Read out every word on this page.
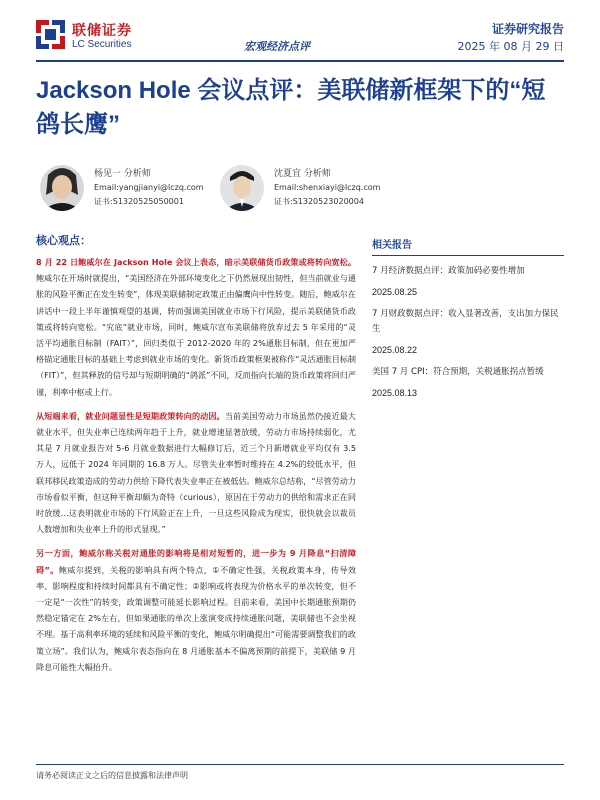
联储证券
LC Securities	宏观经济点评
证券研究报告
2025 年 08 月 29 日
Jackson Hole 会议点评：美联储新框架下的“短鸽长鹰”
杨见一 分析师
Email:yangjianyi@lczq.com
证书:S1320525050001
沈夏宜 分析师
Email:shenxiayi@lczq.com
证书:S1320523020004
核心观点：

8 月 22 日鲍威尔在 Jackson Hole 会议上表态，暗示美联储货币政策或将转向宽松。鲍威尔在开场时就提出，“美国经济在外部环境变化之下仍然展现出韧性，但当前就业与通胀的风险平衡正在发生转变”，体现美联储制定政策正由偏鹰向中性转变。随后，鲍威尔在讲话中一段上半年谨慎观望的基调，转而强调美国就业市场下行风险，提示美联储货币政策或将转向宽松。“究底”就业市场，同时，鲍威尔宣布美联储将放弃过去 5 年采用的“灵活平均通胀目标制（FAIT）”，回归类似于 2012-2020 年的 2%通胀目标制，但在更加严格锚定通胀目标的基础上考虑到就业市场的变化。新货币政策框架被称作“灵活通胀目标制（FIT）”，但其释放的信号却与短期明确的“鸽派”不同，反而指向长端的货币政策将回归严谨，利率中枢或上行。

从短端来看，就业问题显性是短期政策转向的动因。当前美国劳动力市场虽然仍接近最大就业水平，但失业率已连续两年趋于上升，就业增速显著放缓，劳动力市场持续弱化，尤其是 7 月就业报告对 5-6 月就业数据进行大幅修订后，近三个月新增就业平均仅有 3.5 万人，远低于 2024 年同期的 16.8 万人。尽管失业率暂时维持在 4.2%的较低水平，但联邦移民政策造成的劳动力供给下降代表失业率正在被低估。鲍威尔总结称，“尽管劳动力市场看似平衡，但这种平衡却颇为奇特（curious），原因在于劳动力的供给和需求正在同时放缓…这表明就业市场的下行风险正在上升，一旦这些风险成为现实，很快就会以裁员人数增加和失业率上升的形式显现。”

另一方面，鲍威尔称关税对通胀的影响将是相对短暂的，进一步为 9 月降息“扫清障碍”。鲍威尔提到，关税的影响具有两个特点，①不确定性强，关税政策本身，传导效率、影响程度和持续时间都具有不确定性；②影响或将表现为价格水平的单次转变，但不一定是“一次性”的转变，政策调整可能延长影响过程。目前来看，美国中长期通胀预期仍然稳定锚定在 2%左右，但如果通胀的单次上涨演变成持续通胀问题，美联储也不会坐视不理。基于高利率环境的延续和风险平衡的变化，鲍威尔明确提出“可能需要调整我们的政策立场”。我们认为，鲍威尔表态指向在 8 月通胀基本不偏离预期的前提下，美联储 9 月降息可能性大幅抬升。

相关报告
7 月经济数据点评：政策加码必要性增加
2025.08.25
7 月财政数据点评：收入显著改善，支出加力保民生
2025.08.22
美国 7 月 CPI：符合预期，关税通胀拐点暂缓
2025.08.13
请务必阅读正文之后的信息披露和法律声明
